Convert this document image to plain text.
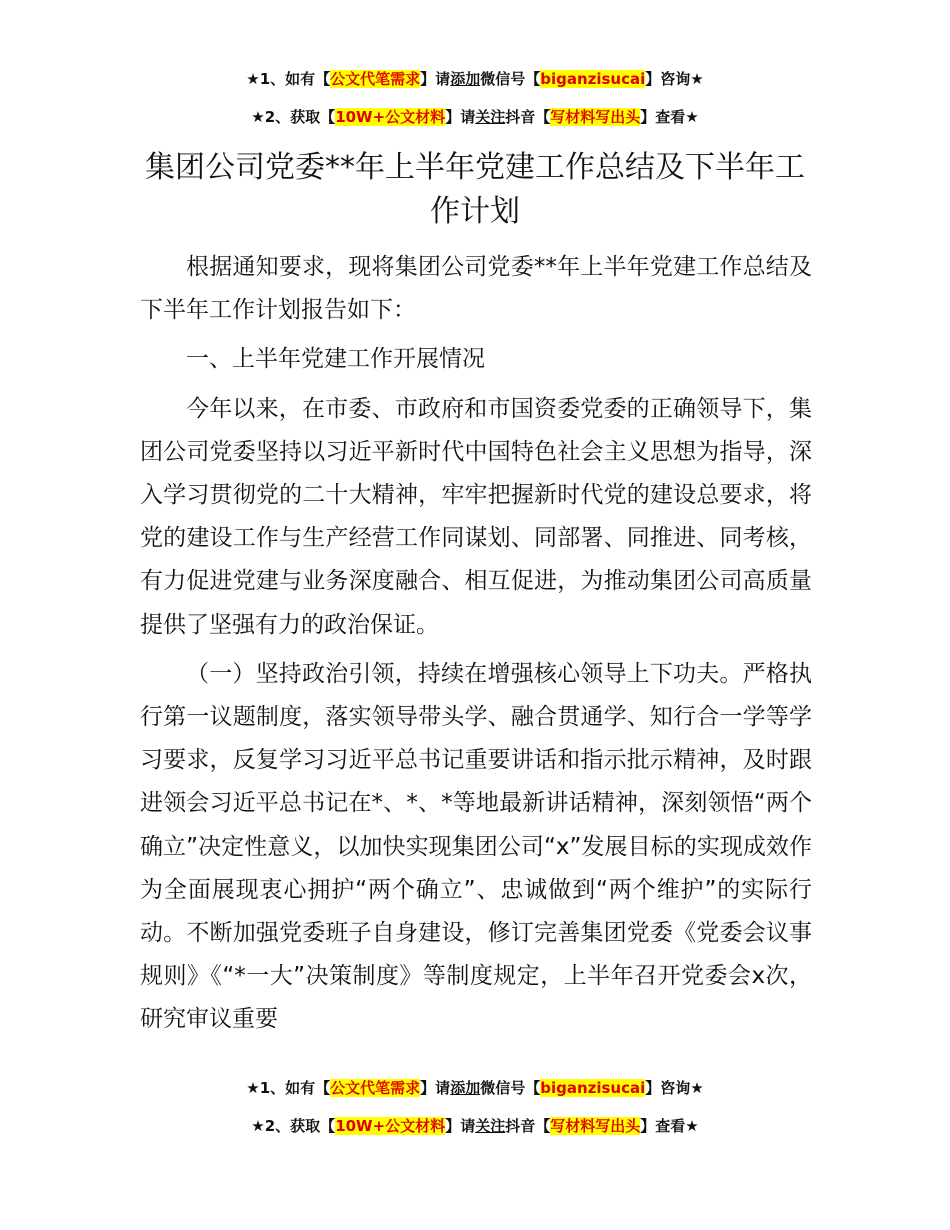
★1、如有【公文代笔需求】请添加微信号【biganzisucai】咨询★
★2、获取【10W+公文材料】请关注抖音【写材料写出头】查看★
集团公司党委**年上半年党建工作总结及下半年工作计划

根据通知要求，现将集团公司党委**年上半年党建工作总结及下半年工作计划报告如下：

一、上半年党建工作开展情况

今年以来，在市委、市政府和市国资委党委的正确领导下，集团公司党委坚持以习近平新时代中国特色社会主义思想为指导，深入学习贯彻党的二十大精神，牢牢把握新时代党的建设总要求，将党的建设工作与生产经营工作同谋划、同部署、同推进、同考核，有力促进党建与业务深度融合、相互促进，为推动集团公司高质量提供了坚强有力的政治保证。

（一）坚持政治引领，持续在增强核心领导上下功夫。严格执行第一议题制度，落实领导带头学、融合贯通学、知行合一学等学习要求，反复学习习近平总书记重要讲话和指示批示精神，及时跟进领会习近平总书记在*、*、*等地最新讲话精神，深刻领悟“两个确立”决定性意义，以加快实现集团公司“x”发展目标的实现成效作为全面展现衷心拥护“两个确立”、忠诚做到“两个维护”的实际行动。不断加强党委班子自身建设，修订完善集团党委《党委会议事规则》《“*一大”决策制度》等制度规定，上半年召开党委会x次，研究审议重要

★1、如有【公文代笔需求】请添加微信号【biganzisucai】咨询★
★2、获取【10W+公文材料】请关注抖音【写材料写出头】查看★
